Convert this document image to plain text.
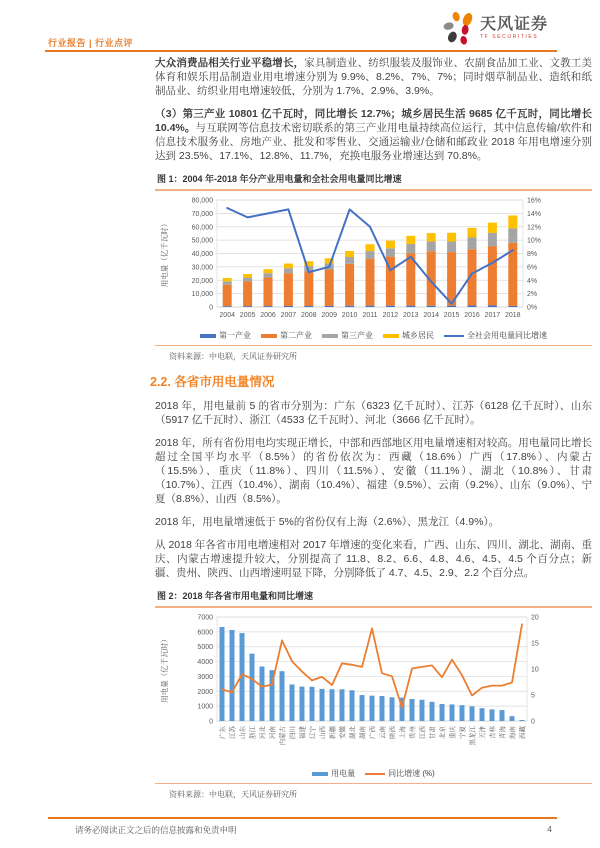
行业报告 | 行业点评
天风证券
TF SECURITIES

大众消费品相关行业平稳增长，家具制造业、纺织服装及服饰业、农副食品加工业、文教工美体育和娱乐用品制造业用电增速分别为 9.9%、8.2%、7%、7%；同时烟草制品业、造纸和纸制品业、纺织业用电增速较低，分别为 1.7%、2.9%、3.9%。

（3）第三产业 10801 亿千瓦时，同比增长 12.7%；城乡居民生活 9685 亿千瓦时，同比增长 10.4%。与互联网等信息技术密切联系的第三产业用电量持续高位运行，其中信息传输/软件和信息技术服务业、房地产业、批发和零售业、交通运输业/仓储和邮政业 2018 年用电增速分别达到 23.5%、17.1%、12.8%、11.7%，充换电服务业增速达到 70.8%。

图 1：2004 年-2018 年分产业用电量和全社会用电量同比增速
0
10,000
20,000
30,000
40,000
50,000
60,000
70,000
80,000
0%
2%
4%
6%
8%
10%
12%
14%
16%
2004 2005 2006 2007 2008 2009 2010 2011 2012 2013 2014 2015 2016 2017 2018
用电量（亿千瓦时）
第一产业	第二产业	第三产业	城乡居民	全社会用电量同比增速
资料来源：中电联，天风证券研究所
2.2. 各省市用电量情况

2018 年，用电量前 5 的省市分别为：广东（6323 亿千瓦时）、江苏（6128 亿千瓦时）、山东（5917 亿千瓦时）、浙江（4533 亿千瓦时）、河北（3666 亿千瓦时）。

2018 年，所有省份用电均实现正增长，中部和西部地区用电量增速相对较高。用电量同比增长超过全国平均水平（8.5%）的省份依次为：西藏（18.6%）广西（17.8%）、内蒙古（15.5%）、重庆（11.8%）、四川（11.5%）、安徽（11.1%）、湖北（10.8%）、甘肃（10.7%）、江西（10.4%）、湖南（10.4%）、福建（9.5%）、云南（9.2%）、山东（9.0%）、宁夏（8.8%）、山西（8.5%）。

2018 年，用电量增速低于 5%的省份仅有上海（2.6%）、黑龙江（4.9%）。

从 2018 年各省市用电增速相对 2017 年增速的变化来看，广西、山东、四川、湖北、湖南、重庆、内蒙古增速提升较大，分别提高了 11.8、8.2、6.6、4.8、4.6、4.5、4.5 个百分点；新疆、贵州、陕西、山西增速明显下降，分别降低了 4.7、4.5、2.9、2.2 个百分点。

图 2：2018 年各省市用电量和同比增速
0
1000
2000
3000
4000
5000
6000
7000
0
5
10
15
20
广东 江苏 山东 浙江 河北 河南 内蒙古 四川 福建 辽宁 山西 新疆 安徽 湖北 湖南 广西 云南 陕西 上海 贵州 江西 甘肃 北京 重庆 宁夏 黑龙江 天津 吉林 青海 海南 西藏
用电量（亿千瓦时）
用电量	同比增速 (%)
资料来源：中电联，天风证券研究所
请务必阅读正文之后的信息披露和免责申明	4
